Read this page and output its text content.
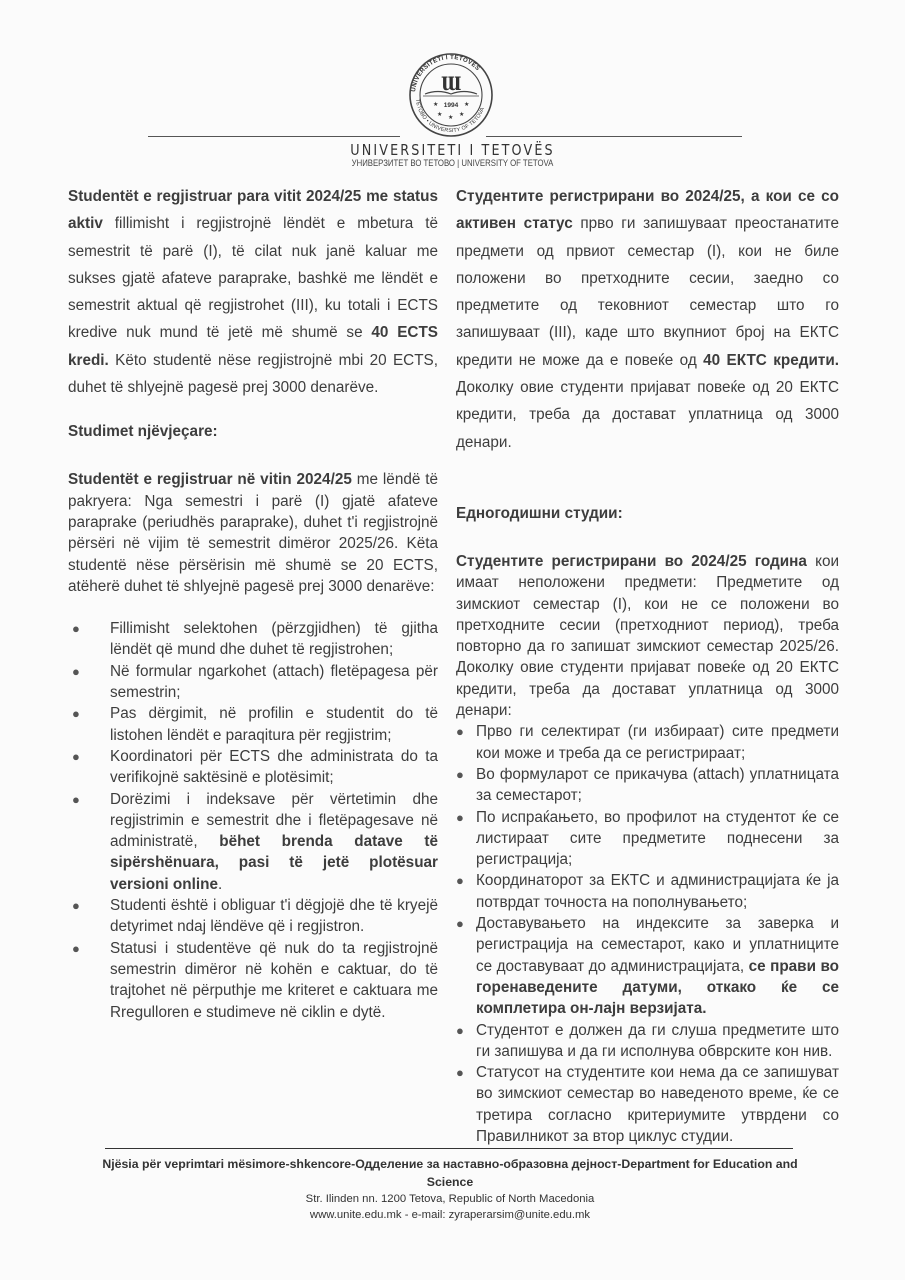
UNIVERSITETI I TETOVËS
ТЕТОВО • UNIVERSITY OF TETOVA
Ɯ
1994
★	★
★ ★ ★
UNIVERSITETI I TETOVËS
УНИВЕРЗИТЕТ ВО ТЕТОВО | UNIVERSITY OF TETOVA

Studentët e regjistruar para vitit 2024/25 me status aktiv fillimisht i regjistrojnë lëndët e mbetura të semestrit të parë (I), të cilat nuk janë kaluar me sukses gjatë afateve paraprake, bashkë me lëndët e semestrit aktual që regjistrohet (III), ku totali i ECTS kredive nuk mund të jetë më shumë se 40 ECTS kredi. Këto studentë nëse regjistrojnë mbi 20 ECTS, duhet të shlyejnë pagesë prej 3000 denarëve.

Studimet njëvjeçare:

Studentët e regjistruar në vitin 2024/25 me lëndë të pakryera: Nga semestri i parë (I) gjatë afateve paraprake (periudhës paraprake), duhet t'i regjistrojnë përsëri në vijim të semestrit dimëror 2025/26. Këta studentë nëse përsërisin më shumë se 20 ECTS, atëherë duhet të shlyejnë pagesë prej 3000 denarëve:

● Fillimisht selektohen (përzgjidhen) të gjitha lëndët që mund dhe duhet të regjistrohen;
● Në formular ngarkohet (attach) fletëpagesa për semestrin;
● Pas dërgimit, në profilin e studentit do të listohen lëndët e paraqitura për regjistrim;
● Koordinatori për ECTS dhe administrata do ta verifikojnë saktësinë e plotësimit;
● Dorëzimi i indeksave për vërtetimin dhe regjistrimin e semestrit dhe i fletëpagesave në administratë, bëhet brenda datave të sipërshënuara, pasi të jetë plotësuar versioni online.
● Studenti është i obliguar t'i dëgjojë dhe të kryejë detyrimet ndaj lëndëve që i regjistron.
● Statusi i studentëve që nuk do ta regjistrojnë semestrin dimëror në kohën e caktuar, do të trajtohet në përputhje me kriteret e caktuara me Rregulloren e studimeve në ciklin e dytë.

Студентите регистрирани во 2024/25, а кои се со активен статус прво ги запишуваат преостанатите предмети од првиот семестар (I), кои не биле положени во претходните сесии, заедно со предметите од тековниот семестар што го запишуваат (III), каде што вкупниот број на ЕКТС кредити не може да е повеќе од 40 ЕКТС кредити. Доколку овие студенти пријават повеќе од 20 ЕКТС кредити, треба да достават уплатница од 3000 денари.

Едногодишни студии:

Студентите регистрирани во 2024/25 година кои имаат неположени предмети: Предметите од зимскиот семестар (I), кои не се положени во претходните сесии (претходниот период), треба повторно да го запишат зимскиот семестар 2025/26. Доколку овие студенти пријават повеќе од 20 ЕКТС кредити, треба да достават уплатница од 3000 денари:

● Прво ги селектират (ги избираат) сите предмети кои може и треба да се регистрираат;
● Во формуларот се прикачува (attach) уплатницата за семестарот;
● По испраќањето, во профилот на студентот ќе се листираат сите предметите поднесени за регистрација;
● Координаторот за ЕКТС и администрацијата ќе ја потврдат точноста на пополнувањето;
● Доставувањето на индексите за заверка и регистрација на семестарот, како и уплатниците се доставуваат до администрацијата, се прави во горенаведените датуми, откако ќе се комплетира он-лајн верзијата.
● Студентот е должен да ги слуша предметите што ги запишува и да ги исполнува обврските кон нив.
● Статусот на студентите кои нема да се запишуват во зимскиот семестар во наведеното време, ќе се третира согласно критериумите утврдени со Правилникот за втор циклус студии.
Njësia për veprimtari mësimore-shkencore-Одделение за наставно-образовна дејност-Department for Education and Science
Str. Ilinden nn. 1200 Tetova, Republic of North Macedonia
www.unite.edu.mk - e-mail: zyraperarsim@unite.edu.mk
